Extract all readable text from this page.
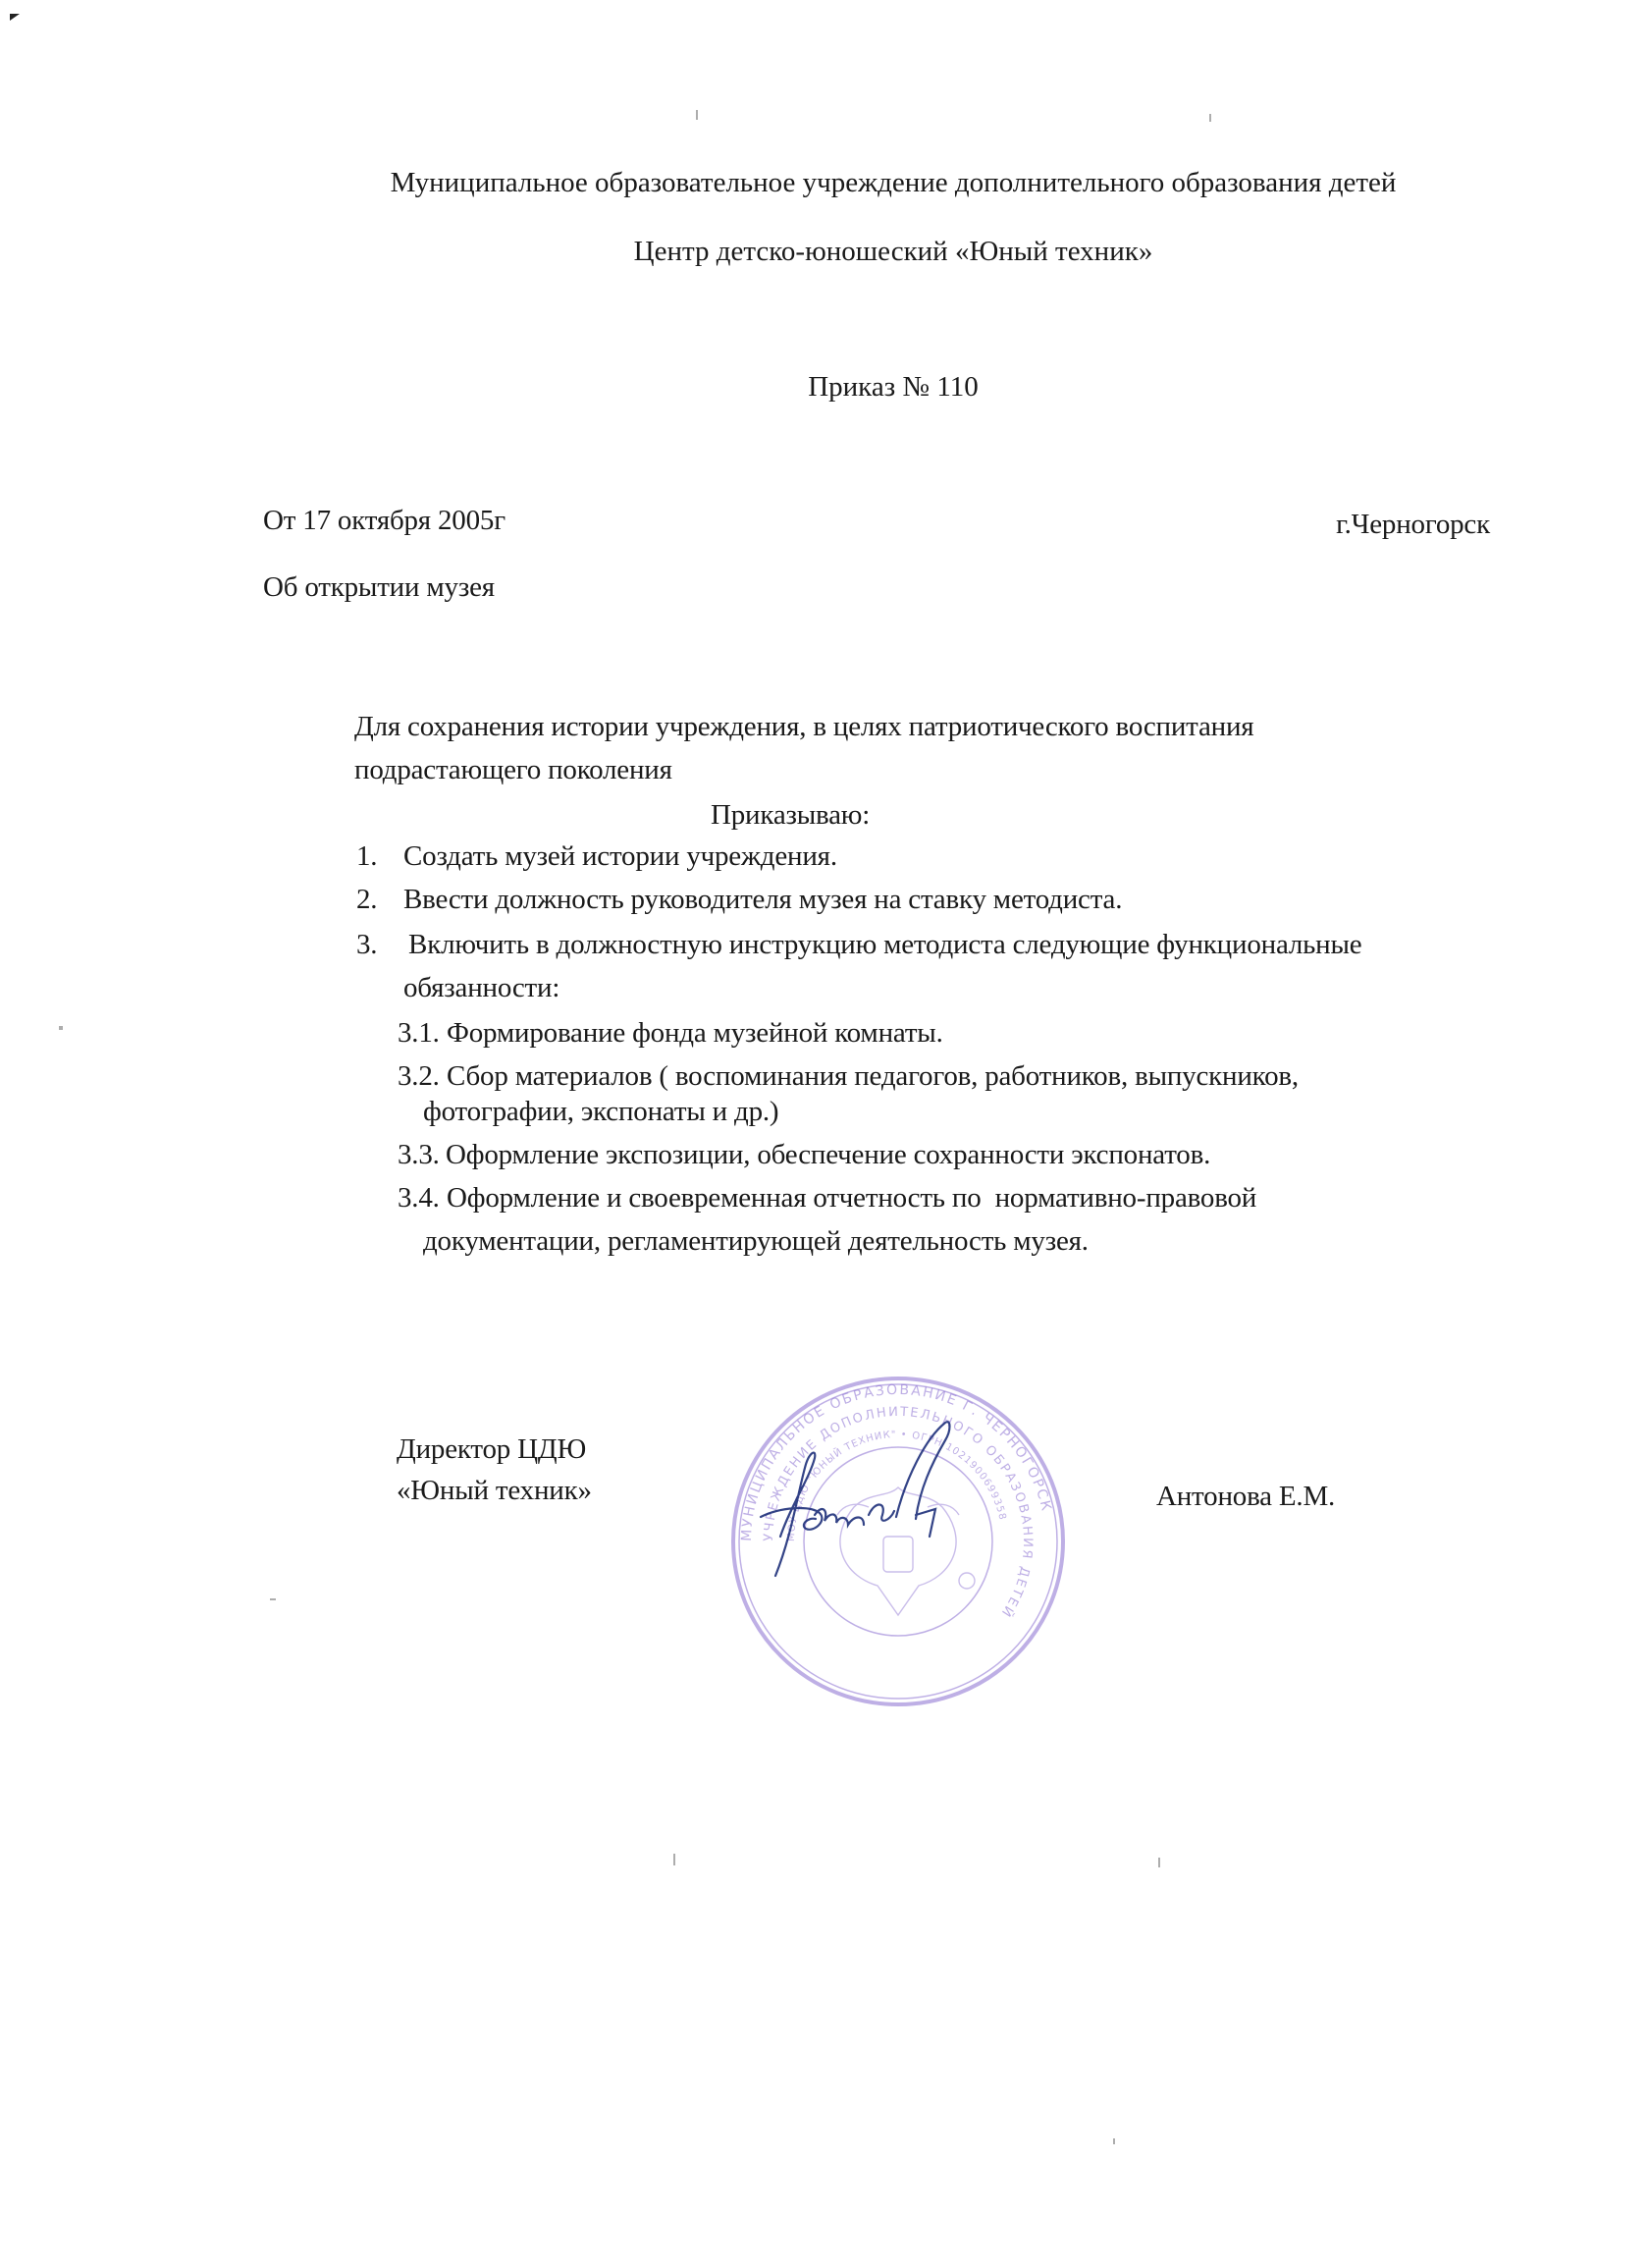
Муниципальное образовательное учреждение дополнительного образования детей
Центр детско-юношеский «Юный техник»
Приказ № 110
От 17 октября 2005г	г.Черногорск
Об открытии музея
Для сохранения истории учреждения, в целях патриотического воспитания
подрастающего поколения
Приказываю:
1. Создать музей истории учреждения.
2. Ввести должность руководителя музея на ставку методиста.
3. Включить в должностную инструкцию методиста следующие функциональные
обязанности:
3.1. Формирование фонда музейной комнаты.
3.2. Сбор материалов ( воспоминания педагогов, работников, выпускников,
фотографии, экспонаты и др.)
3.3. Оформление экспозиции, обеспечение сохранности экспонатов.
3.4. Оформление и своевременная отчетность по  нормативно-правовой
документации, регламентирующей деятельность музея.
Директор ЦДЮ
«Юный техник»	Антонова Е.М.
МУНИЦИПАЛЬНОЕ ОБРАЗОВАНИЕ Г. ЧЕРНОГОРСК
УЧРЕЖДЕНИЕ ДОПОЛНИТЕЛЬНОГО ОБРАЗОВАНИЯ ДЕТЕЙ
МОУ ЦДЮ "ЮНЫЙ ТЕХНИК" • ОГРН 1021900699358
